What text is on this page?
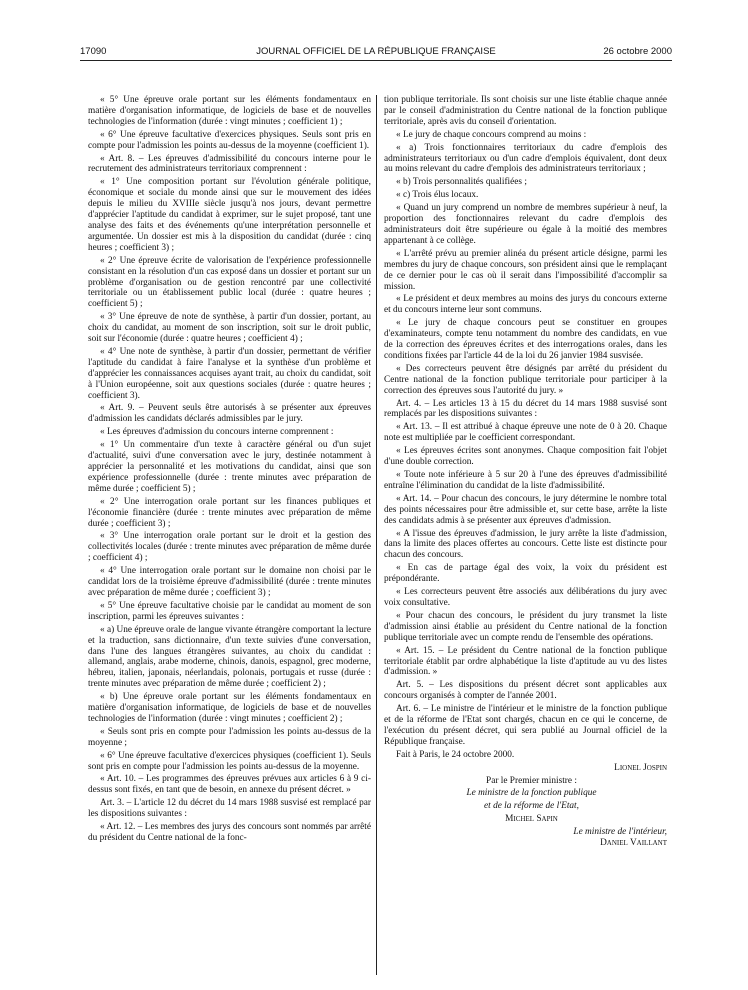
17090	JOURNAL OFFICIEL DE LA RÉPUBLIQUE FRANÇAISE	26 octobre 2000

« 5° Une épreuve orale portant sur les éléments fondamentaux en matière d'organisation informatique, de logiciels de base et de nouvelles technologies de l'information (durée : vingt minutes ; coefficient 1) ;

« 6° Une épreuve facultative d'exercices physiques. Seuls sont pris en compte pour l'admission les points au-dessus de la moyenne (coefficient 1).

« Art. 8. – Les épreuves d'admissibilité du concours interne pour le recrutement des administrateurs territoriaux comprennent :

« 1° Une composition portant sur l'évolution générale politique, économique et sociale du monde ainsi que sur le mouvement des idées depuis le milieu du XVIIIe siècle jusqu'à nos jours, devant permettre d'apprécier l'aptitude du candidat à exprimer, sur le sujet proposé, tant une analyse des faits et des événements qu'une interprétation personnelle et argumentée. Un dossier est mis à la disposition du candidat (durée : cinq heures ; coefficient 3) ;

« 2° Une épreuve écrite de valorisation de l'expérience professionnelle consistant en la résolution d'un cas exposé dans un dossier et portant sur un problème d'organisation ou de gestion rencontré par une collectivité territoriale ou un établissement public local (durée : quatre heures ; coefficient 5) ;

« 3° Une épreuve de note de synthèse, à partir d'un dossier, portant, au choix du candidat, au moment de son inscription, soit sur le droit public, soit sur l'économie (durée : quatre heures ; coefficient 4) ;

« 4° Une note de synthèse, à partir d'un dossier, permettant de vérifier l'aptitude du candidat à faire l'analyse et la synthèse d'un problème et d'apprécier les connaissances acquises ayant trait, au choix du candidat, soit à l'Union européenne, soit aux questions sociales (durée : quatre heures ; coefficient 3).

« Art. 9. – Peuvent seuls être autorisés à se présenter aux épreuves d'admission les candidats déclarés admissibles par le jury.

« Les épreuves d'admission du concours interne comprennent :

« 1° Un commentaire d'un texte à caractère général ou d'un sujet d'actualité, suivi d'une conversation avec le jury, destinée notamment à apprécier la personnalité et les motivations du candidat, ainsi que son expérience professionnelle (durée : trente minutes avec préparation de même durée ; coefficient 5) ;

« 2° Une interrogation orale portant sur les finances publiques et l'économie financière (durée : trente minutes avec préparation de même durée ; coefficient 3) ;

« 3° Une interrogation orale portant sur le droit et la gestion des collectivités locales (durée : trente minutes avec préparation de même durée ; coefficient 4) ;

« 4° Une interrogation orale portant sur le domaine non choisi par le candidat lors de la troisième épreuve d'admissibilité (durée : trente minutes avec préparation de même durée ; coefficient 3) ;

« 5° Une épreuve facultative choisie par le candidat au moment de son inscription, parmi les épreuves suivantes :

« a) Une épreuve orale de langue vivante étrangère comportant la lecture et la traduction, sans dictionnaire, d'un texte suivies d'une conversation, dans l'une des langues étrangères suivantes, au choix du candidat : allemand, anglais, arabe moderne, chinois, danois, espagnol, grec moderne, hébreu, italien, japonais, néerlandais, polonais, portugais et russe (durée : trente minutes avec préparation de même durée ; coefficient 2) ;

« b) Une épreuve orale portant sur les éléments fondamentaux en matière d'organisation informatique, de logiciels de base et de nouvelles technologies de l'information (durée : vingt minutes ; coefficient 2) ;

« Seuls sont pris en compte pour l'admission les points au-dessus de la moyenne ;

« 6° Une épreuve facultative d'exercices physiques (coefficient 1). Seuls sont pris en compte pour l'admission les points au-dessus de la moyenne.

« Art. 10. – Les programmes des épreuves prévues aux articles 6 à 9 ci-dessus sont fixés, en tant que de besoin, en annexe du présent décret. »

Art. 3. – L'article 12 du décret du 14 mars 1988 susvisé est remplacé par les dispositions suivantes :

« Art. 12. – Les membres des jurys des concours sont nommés par arrêté du président du Centre national de la fonc-

tion publique territoriale. Ils sont choisis sur une liste établie chaque année par le conseil d'administration du Centre national de la fonction publique territoriale, après avis du conseil d'orientation.

« Le jury de chaque concours comprend au moins :

« a) Trois fonctionnaires territoriaux du cadre d'emplois des administrateurs territoriaux ou d'un cadre d'emplois équivalent, dont deux au moins relevant du cadre d'emplois des administrateurs territoriaux ;

« b) Trois personnalités qualifiées ;

« c) Trois élus locaux.

« Quand un jury comprend un nombre de membres supérieur à neuf, la proportion des fonctionnaires relevant du cadre d'emplois des administrateurs doit être supérieure ou égale à la moitié des membres appartenant à ce collège.

« L'arrêté prévu au premier alinéa du présent article désigne, parmi les membres du jury de chaque concours, son président ainsi que le remplaçant de ce dernier pour le cas où il serait dans l'impossibilité d'accomplir sa mission.

« Le président et deux membres au moins des jurys du concours externe et du concours interne leur sont communs.

« Le jury de chaque concours peut se constituer en groupes d'examinateurs, compte tenu notamment du nombre des candidats, en vue de la correction des épreuves écrites et des interrogations orales, dans les conditions fixées par l'article 44 de la loi du 26 janvier 1984 susvisée.

« Des correcteurs peuvent être désignés par arrêté du président du Centre national de la fonction publique territoriale pour participer à la correction des épreuves sous l'autorité du jury. »

Art. 4. – Les articles 13 à 15 du décret du 14 mars 1988 susvisé sont remplacés par les dispositions suivantes :

« Art. 13. – Il est attribué à chaque épreuve une note de 0 à 20. Chaque note est multipliée par le coefficient correspondant.

« Les épreuves écrites sont anonymes. Chaque composition fait l'objet d'une double correction.

« Toute note inférieure à 5 sur 20 à l'une des épreuves d'admissibilité entraîne l'élimination du candidat de la liste d'admissibilité.

« Art. 14. – Pour chacun des concours, le jury détermine le nombre total des points nécessaires pour être admissible et, sur cette base, arrête la liste des candidats admis à se présenter aux épreuves d'admission.

« A l'issue des épreuves d'admission, le jury arrête la liste d'admission, dans la limite des places offertes au concours. Cette liste est distincte pour chacun des concours.

« En cas de partage égal des voix, la voix du président est prépondérante.

« Les correcteurs peuvent être associés aux délibérations du jury avec voix consultative.

« Pour chacun des concours, le président du jury transmet la liste d'admission ainsi établie au président du Centre national de la fonction publique territoriale avec un compte rendu de l'ensemble des opérations.

« Art. 15. – Le président du Centre national de la fonction publique territoriale établit par ordre alphabétique la liste d'aptitude au vu des listes d'admission. »

Art. 5. – Les dispositions du présent décret sont applicables aux concours organisés à compter de l'année 2001.

Art. 6. – Le ministre de l'intérieur et le ministre de la fonction publique et de la réforme de l'Etat sont chargés, chacun en ce qui le concerne, de l'exécution du présent décret, qui sera publié au Journal officiel de la République française.

Fait à Paris, le 24 octobre 2000.

Lionel Jospin

Par le Premier ministre :

Le ministre de la fonction publique

et de la réforme de l'Etat,

Michel Sapin

Le ministre de l'intérieur,

Daniel Vaillant
